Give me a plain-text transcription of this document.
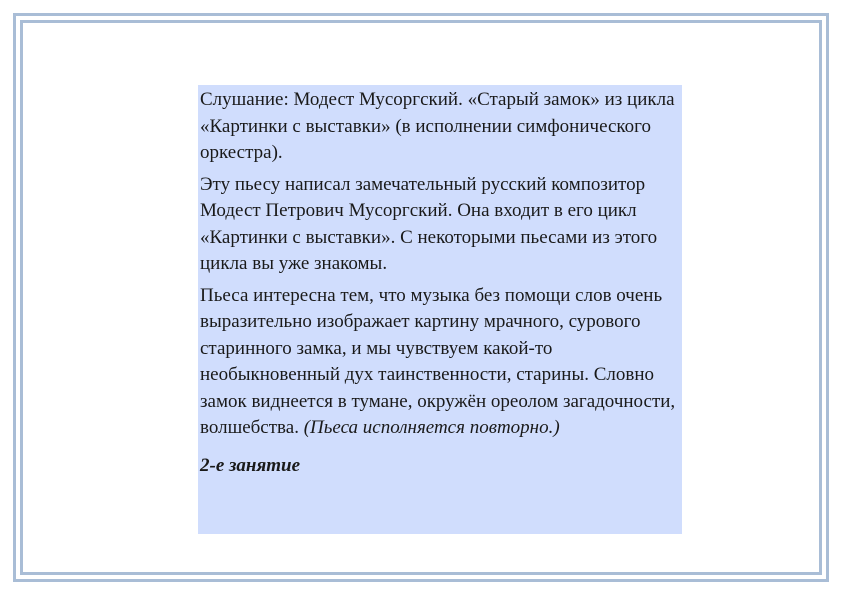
Слушание: Модест Мусоргский. «Старый замок» из цикла «Картинки с выставки» (в исполнении симфонического оркестра).

Эту пьесу написал замечательный русский композитор Модест Петрович Мусоргский. Она входит в его цикл «Картинки с выставки». С некоторыми пьесами из этого цикла вы уже знакомы.

Пьеса интересна тем, что музыка без помощи слов очень выразительно изображает картину мрачного, сурового старинного замка, и мы чувствуем какой-то необыкновенный дух таинственности, старины. Словно замок виднеется в тумане, окружён ореолом загадочности, волшебства. (Пьеса исполняется повторно.)

2-е занятие
